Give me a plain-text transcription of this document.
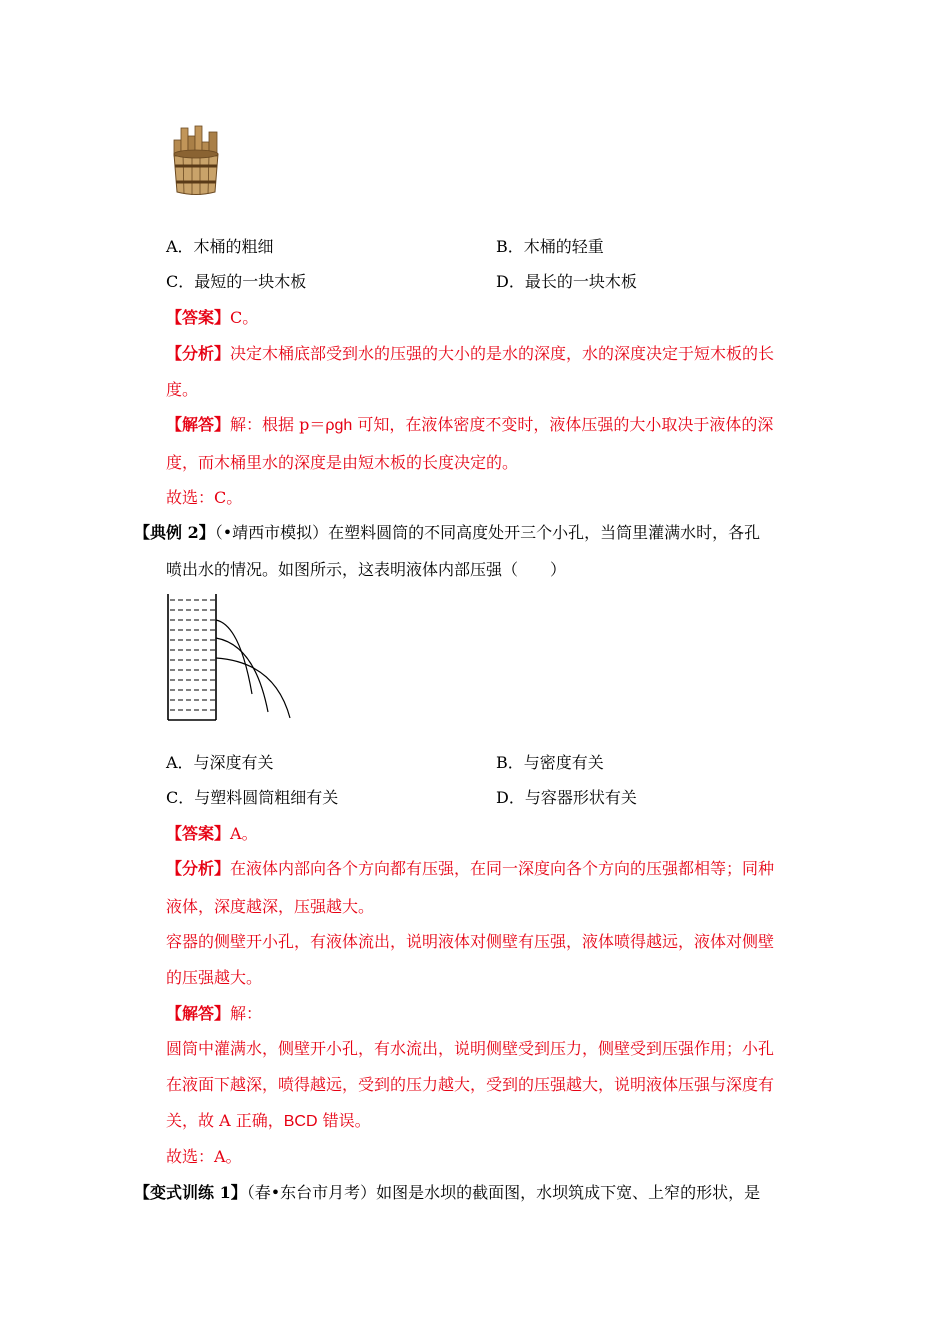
A．木桶的粗细	B．木桶的轻重
C．最短的一块木板	D．最长的一块木板
【答案】C。
【分析】决定木桶底部受到水的压强的大小的是水的深度，水的深度决定于短木板的长
度。
【解答】解：根据 p＝ρgh 可知，在液体密度不变时，液体压强的大小取决于液体的深
度，而木桶里水的深度是由短木板的长度决定的。
故选：C。
【典例 2】（•靖西市模拟）在塑料圆筒的不同高度处开三个小孔，当筒里灌满水时，各孔
喷出水的情况。如图所示，这表明液体内部压强（　　）
A．与深度有关	B．与密度有关
C．与塑料圆筒粗细有关	D．与容器形状有关
【答案】A。
【分析】在液体内部向各个方向都有压强，在同一深度向各个方向的压强都相等；同种
液体，深度越深，压强越大。
容器的侧壁开小孔，有液体流出，说明液体对侧壁有压强，液体喷得越远，液体对侧壁
的压强越大。
【解答】解：
圆筒中灌满水，侧壁开小孔，有水流出，说明侧壁受到压力，侧壁受到压强作用；小孔
在液面下越深，喷得越远，受到的压力越大，受到的压强越大，说明液体压强与深度有
关，故 A 正确，BCD 错误。
故选：A。
【变式训练 1】（春•东台市月考）如图是水坝的截面图，水坝筑成下宽、上窄的形状，是
